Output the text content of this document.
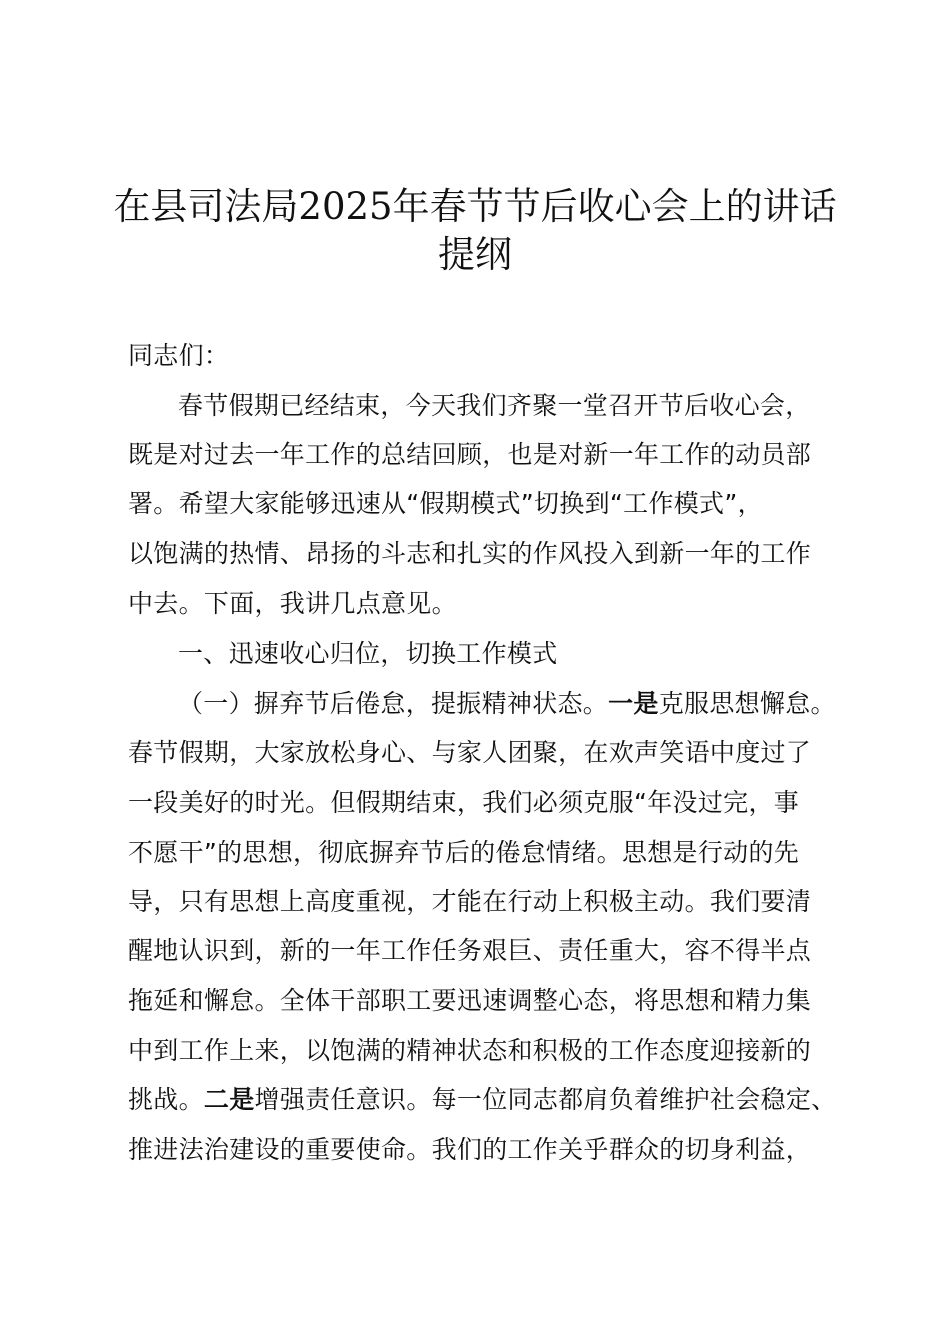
在县司法局2025年春节节后收心会上的讲话
提纲
同志们：
春节假期已经结束，今天我们齐聚一堂召开节后收心会，
既是对过去一年工作的总结回顾，也是对新一年工作的动员部
署。希望大家能够迅速从“假期模式”切换到“工作模式”，
以饱满的热情、昂扬的斗志和扎实的作风投入到新一年的工作
中去。下面，我讲几点意见。
一、迅速收心归位，切换工作模式
（一）摒弃节后倦怠，提振精神状态。一是克服思想懈怠。
春节假期，大家放松身心、与家人团聚，在欢声笑语中度过了
一段美好的时光。但假期结束，我们必须克服“年没过完，事
不愿干”的思想，彻底摒弃节后的倦怠情绪。思想是行动的先
导，只有思想上高度重视，才能在行动上积极主动。我们要清
醒地认识到，新的一年工作任务艰巨、责任重大，容不得半点
拖延和懈怠。全体干部职工要迅速调整心态，将思想和精力集
中到工作上来，以饱满的精神状态和积极的工作态度迎接新的
挑战。二是增强责任意识。每一位同志都肩负着维护社会稳定、
推进法治建设的重要使命。我们的工作关乎群众的切身利益，
